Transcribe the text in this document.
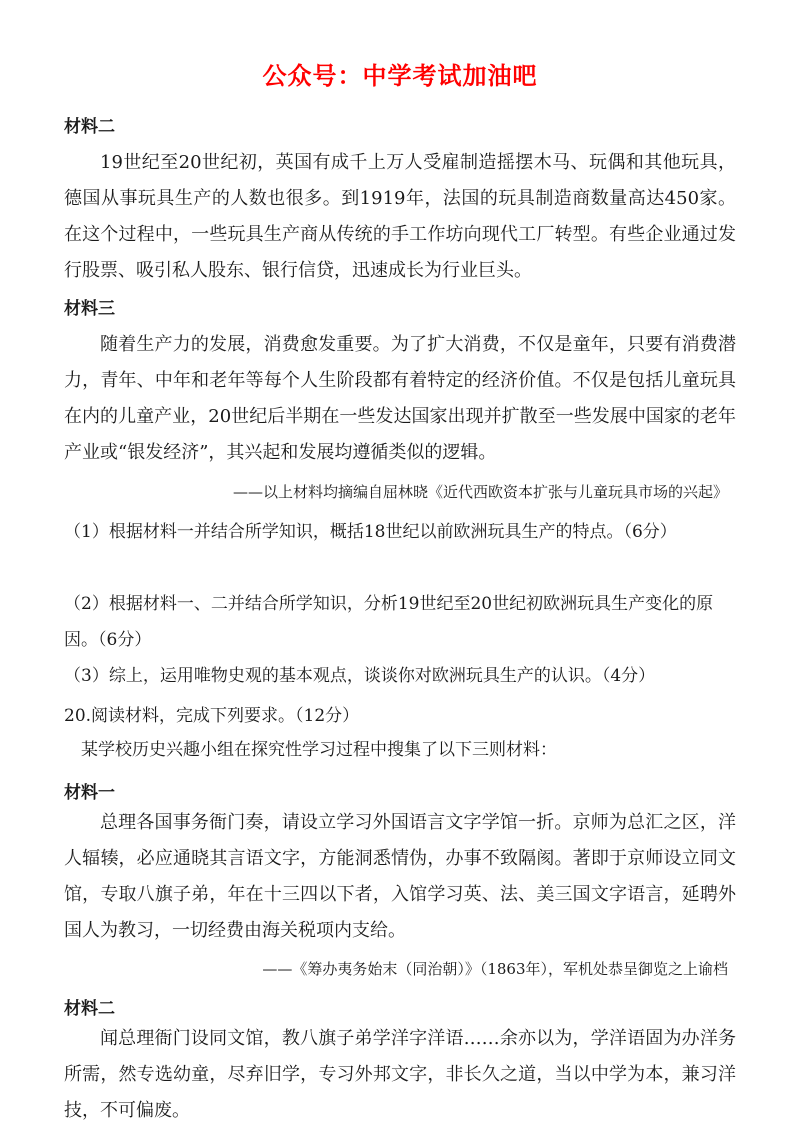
公众号：中学考试加油吧
材料二

19世纪至20世纪初，英国有成千上万人受雇制造摇摆木马、玩偶和其他玩具，德国从事玩具生产的人数也很多。到1919年，法国的玩具制造商数量高达450家。在这个过程中，一些玩具生产商从传统的手工作坊向现代工厂转型。有些企业通过发行股票、吸引私人股东、银行信贷，迅速成长为行业巨头。

材料三

随着生产力的发展，消费愈发重要。为了扩大消费，不仅是童年，只要有消费潜力，青年、中年和老年等每个人生阶段都有着特定的经济价值。不仅是包括儿童玩具在内的儿童产业，20世纪后半期在一些发达国家出现并扩散至一些发展中国家的老年产业或“银发经济”，其兴起和发展均遵循类似的逻辑。

——以上材料均摘编自屈林晓《近代西欧资本扩张与儿童玩具市场的兴起》

（1）根据材料一并结合所学知识，概括18世纪以前欧洲玩具生产的特点。（6分）

（2）根据材料一、二并结合所学知识，分析19世纪至20世纪初欧洲玩具生产变化的原因。（6分）

（3）综上，运用唯物史观的基本观点，谈谈你对欧洲玩具生产的认识。（4分）

20.阅读材料，完成下列要求。（12分）

某学校历史兴趣小组在探究性学习过程中搜集了以下三则材料：

材料一

总理各国事务衙门奏，请设立学习外国语言文字学馆一折。京师为总汇之区，洋人辐辏，必应通晓其言语文字，方能洞悉情伪，办事不致隔阂。著即于京师设立同文馆，专取八旗子弟，年在十三四以下者，入馆学习英、法、美三国文字语言，延聘外国人为教习，一切经费由海关税项内支给。

——《筹办夷务始末（同治朝）》（1863年），军机处恭呈御览之上谕档
材料二

闻总理衙门设同文馆，教八旗子弟学洋字洋语……余亦以为，学洋语固为办洋务所需，然专选幼童，尽弃旧学，专习外邦文字，非长久之道，当以中学为本，兼习洋技，不可偏废。
